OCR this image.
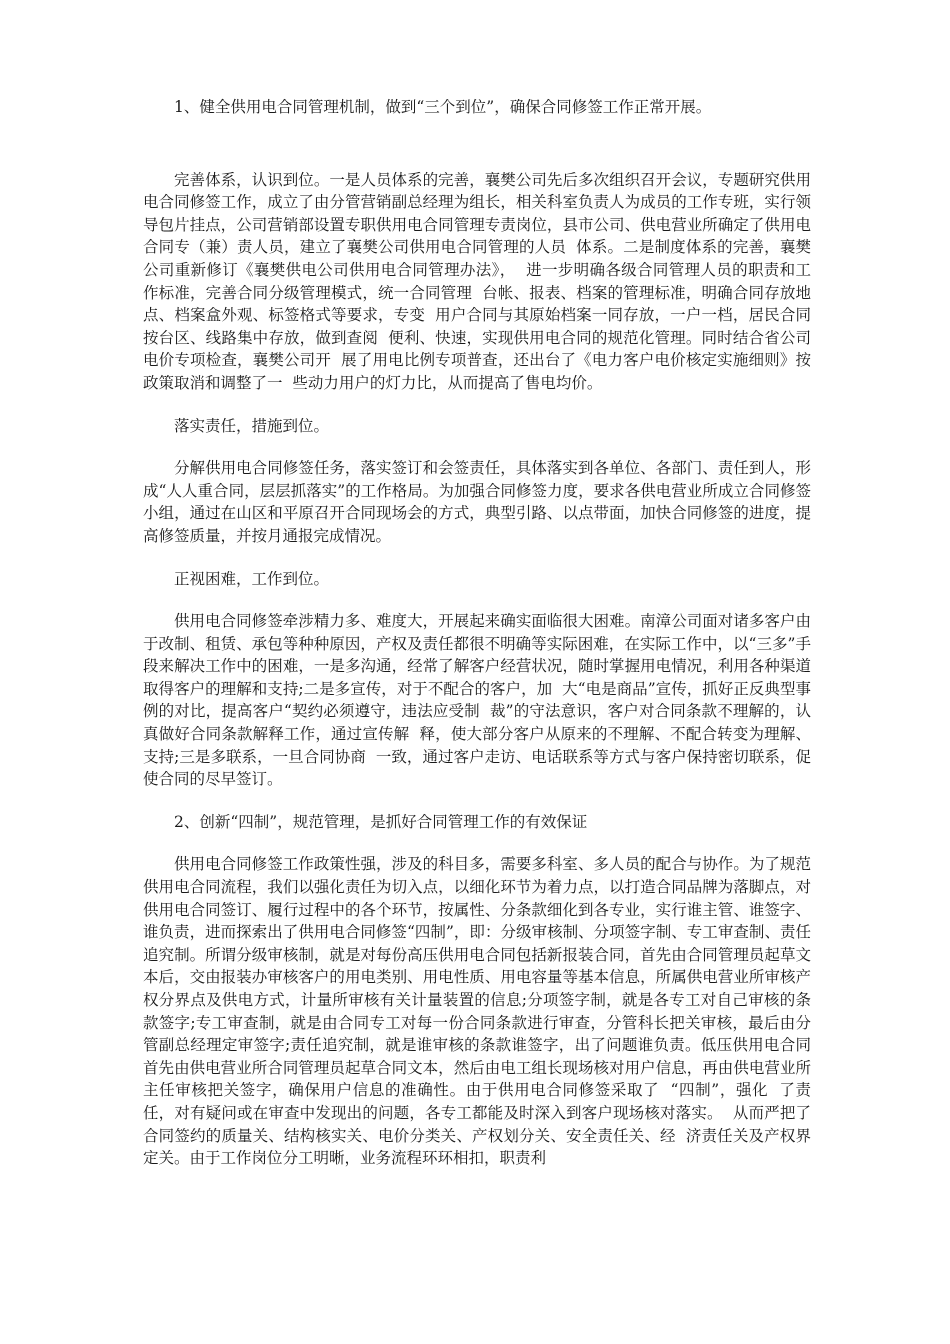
1、健全供用电合同管理机制，做到“三个到位”，确保合同修签工作正常开展。

完善体系，认识到位。一是人员体系的完善，襄樊公司先后多次组织召开会议，专题研究供用电合同修签工作，成立了由分管营销副总经理为组长，相关科室负责人为成员的工作专班，实行领导包片挂点，公司营销部设置专职供用电合同管理专责岗位，县市公司、供电营业所确定了供用电合同专（兼）责人员，建立了襄樊公司供用电合同管理的人员  体系。二是制度体系的完善，襄樊公司重新修订《襄樊供电公司供用电合同管理办法》，  进一步明确各级合同管理人员的职责和工作标准，完善合同分级管理模式，统一合同管理  台帐、报表、档案的管理标准，明确合同存放地点、档案盒外观、标签格式等要求，专变  用户合同与其原始档案一同存放，一户一档，居民合同按台区、线路集中存放，做到查阅  便利、快速，实现供用电合同的规范化管理。同时结合省公司电价专项检查，襄樊公司开  展了用电比例专项普查，还出台了《电力客户电价核定实施细则》按政策取消和调整了一  些动力用户的灯力比，从而提高了售电均价。

落实责任，措施到位。

分解供用电合同修签任务，落实签订和会签责任，具体落实到各单位、各部门、责任到人，形成“人人重合同，层层抓落实”的工作格局。为加强合同修签力度，要求各供电营业所成立合同修签小组，通过在山区和平原召开合同现场会的方式，典型引路、以点带面，加快合同修签的进度，提高修签质量，并按月通报完成情况。

正视困难，工作到位。

供用电合同修签牵涉精力多、难度大，开展起来确实面临很大困难。南漳公司面对诸多客户由于改制、租赁、承包等种种原因，产权及责任都很不明确等实际困难，在实际工作中，以“三多”手段来解决工作中的困难，一是多沟通，经常了解客户经营状况，随时掌握用电情况，利用各种渠道取得客户的理解和支持;二是多宣传，对于不配合的客户，加  大“电是商品”宣传，抓好正反典型事例的对比，提高客户“契约必须遵守，违法应受制  裁”的守法意识，客户对合同条款不理解的，认真做好合同条款解释工作，通过宣传解  释，使大部分客户从原来的不理解、不配合转变为理解、支持;三是多联系，一旦合同协商  一致，通过客户走访、电话联系等方式与客户保持密切联系，促使合同的尽早签订。

2、创新“四制”，规范管理，是抓好合同管理工作的有效保证

供用电合同修签工作政策性强，涉及的科目多，需要多科室、多人员的配合与协作。为了规范供用电合同流程，我们以强化责任为切入点，以细化环节为着力点，以打造合同品牌为落脚点，对供用电合同签订、履行过程中的各个环节，按属性、分条款细化到各专业，实行谁主管、谁签字、谁负责，进而探索出了供用电合同修签“四制”，即：分级审核制、分项签字制、专工审查制、责任追究制。所谓分级审核制，就是对每份高压供用电合同包括新报装合同，首先由合同管理员起草文本后，交由报装办审核客户的用电类别、用电性质、用电容量等基本信息，所属供电营业所审核产权分界点及供电方式，计量所审核有关计量装置的信息;分项签字制，就是各专工对自己审核的条款签字;专工审查制，就是由合同专工对每一份合同条款进行审查，分管科长把关审核，最后由分管副总经理定审签字;责任追究制，就是谁审核的条款谁签字，出了问题谁负责。低压供用电合同首先由供电营业所合同管理员起草合同文本，然后由电工组长现场核对用户信息，再由供电营业所主任审核把关签字，确保用户信息的准确性。由于供用电合同修签采取了  “四制”，强化  了责任，对有疑问或在审查中发现出的问题，各专工都能及时深入到客户现场核对落实。  从而严把了合同签约的质量关、结构核实关、电价分类关、产权划分关、安全责任关、经  济责任关及产权界定关。由于工作岗位分工明晰，业务流程环环相扣，职责利
